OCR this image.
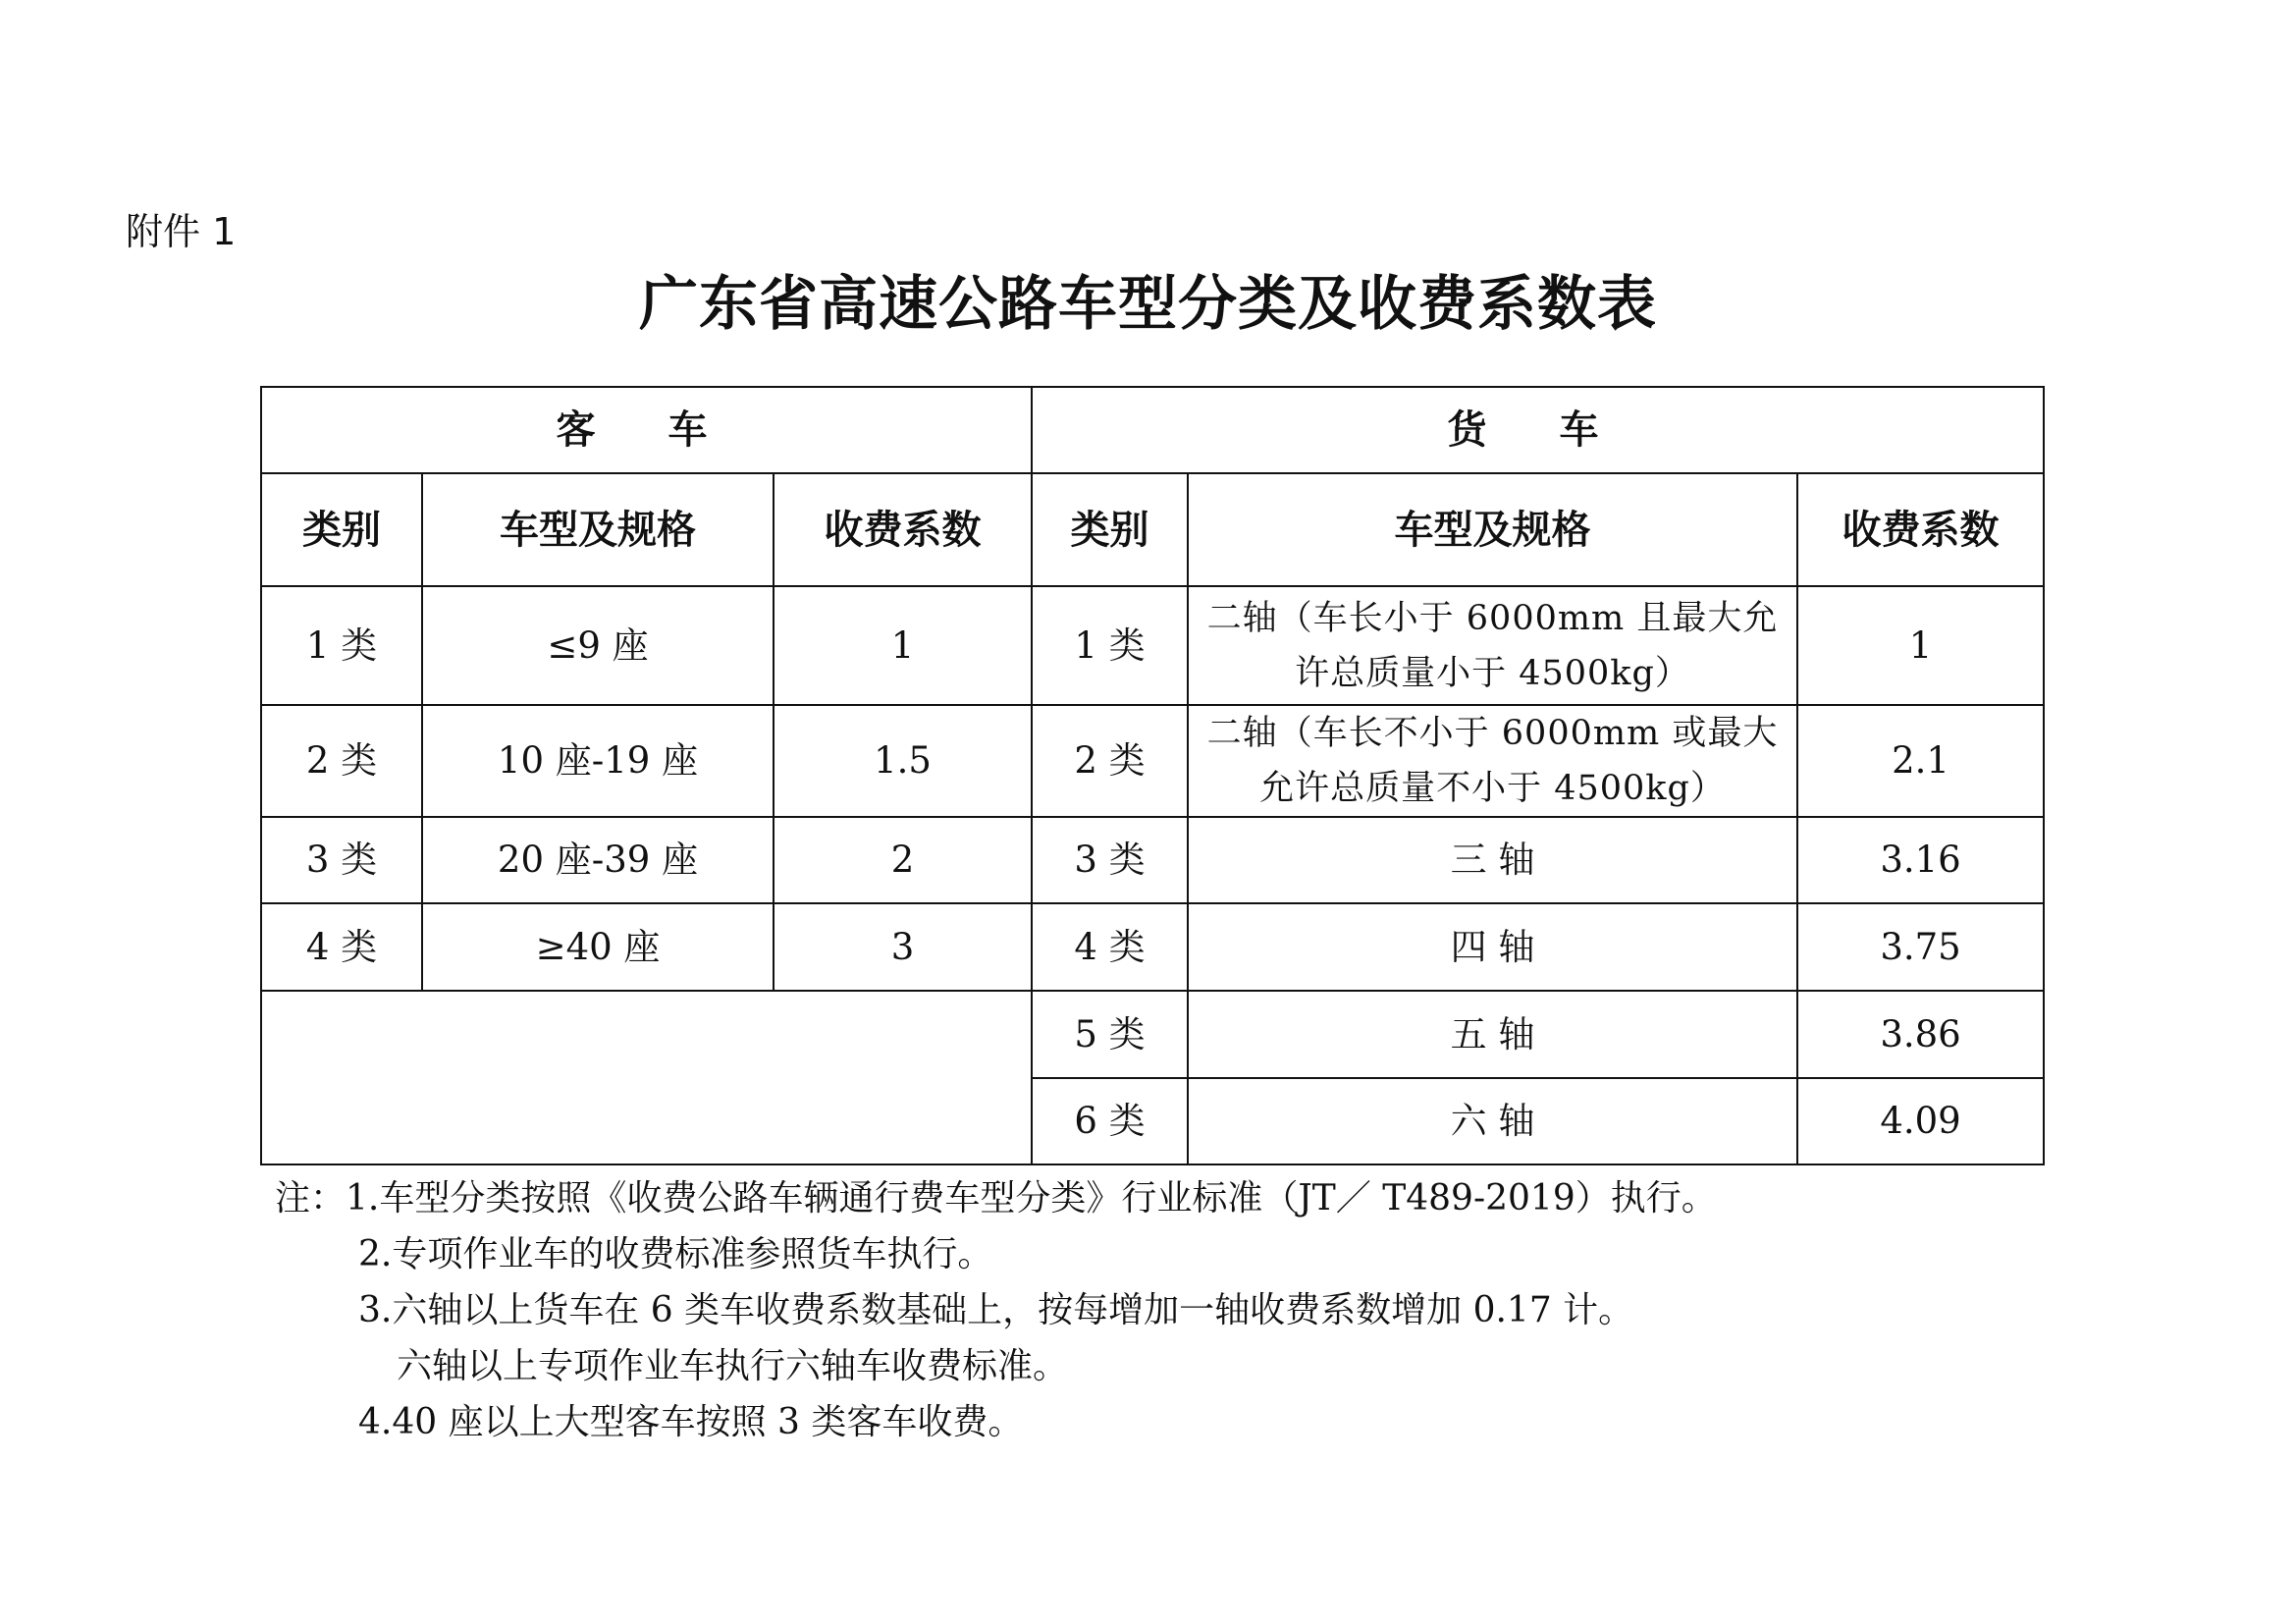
附件 1
广东省高速公路车型分类及收费系数表
客 车			货 车		
类别	车型及规格	收费系数	类别	车型及规格	收费系数
1 类	≤9 座	1	1 类	二轴（车长小于 6000mm 且最大允许总质量小于 4500kg）	1
2 类	10 座-19 座	1.5	2 类	二轴（车长不小于 6000mm 或最大允许总质量不小于 4500kg）	2.1
3 类	20 座-39 座	2	3 类	三 轴	3.16
4 类	≥40 座	3	4 类	四 轴	3.75
			5 类	五 轴	3.86
			6 类	六 轴	4.09
注：1.车型分类按照《收费公路车辆通行费车型分类》行业标准（JT／ T489-2019）执行。
2.专项作业车的收费标准参照货车执行。
3.六轴以上货车在 6 类车收费系数基础上，按每增加一轴收费系数增加 0.17 计。
六轴以上专项作业车执行六轴车收费标准。
4.40 座以上大型客车按照 3 类客车收费。
